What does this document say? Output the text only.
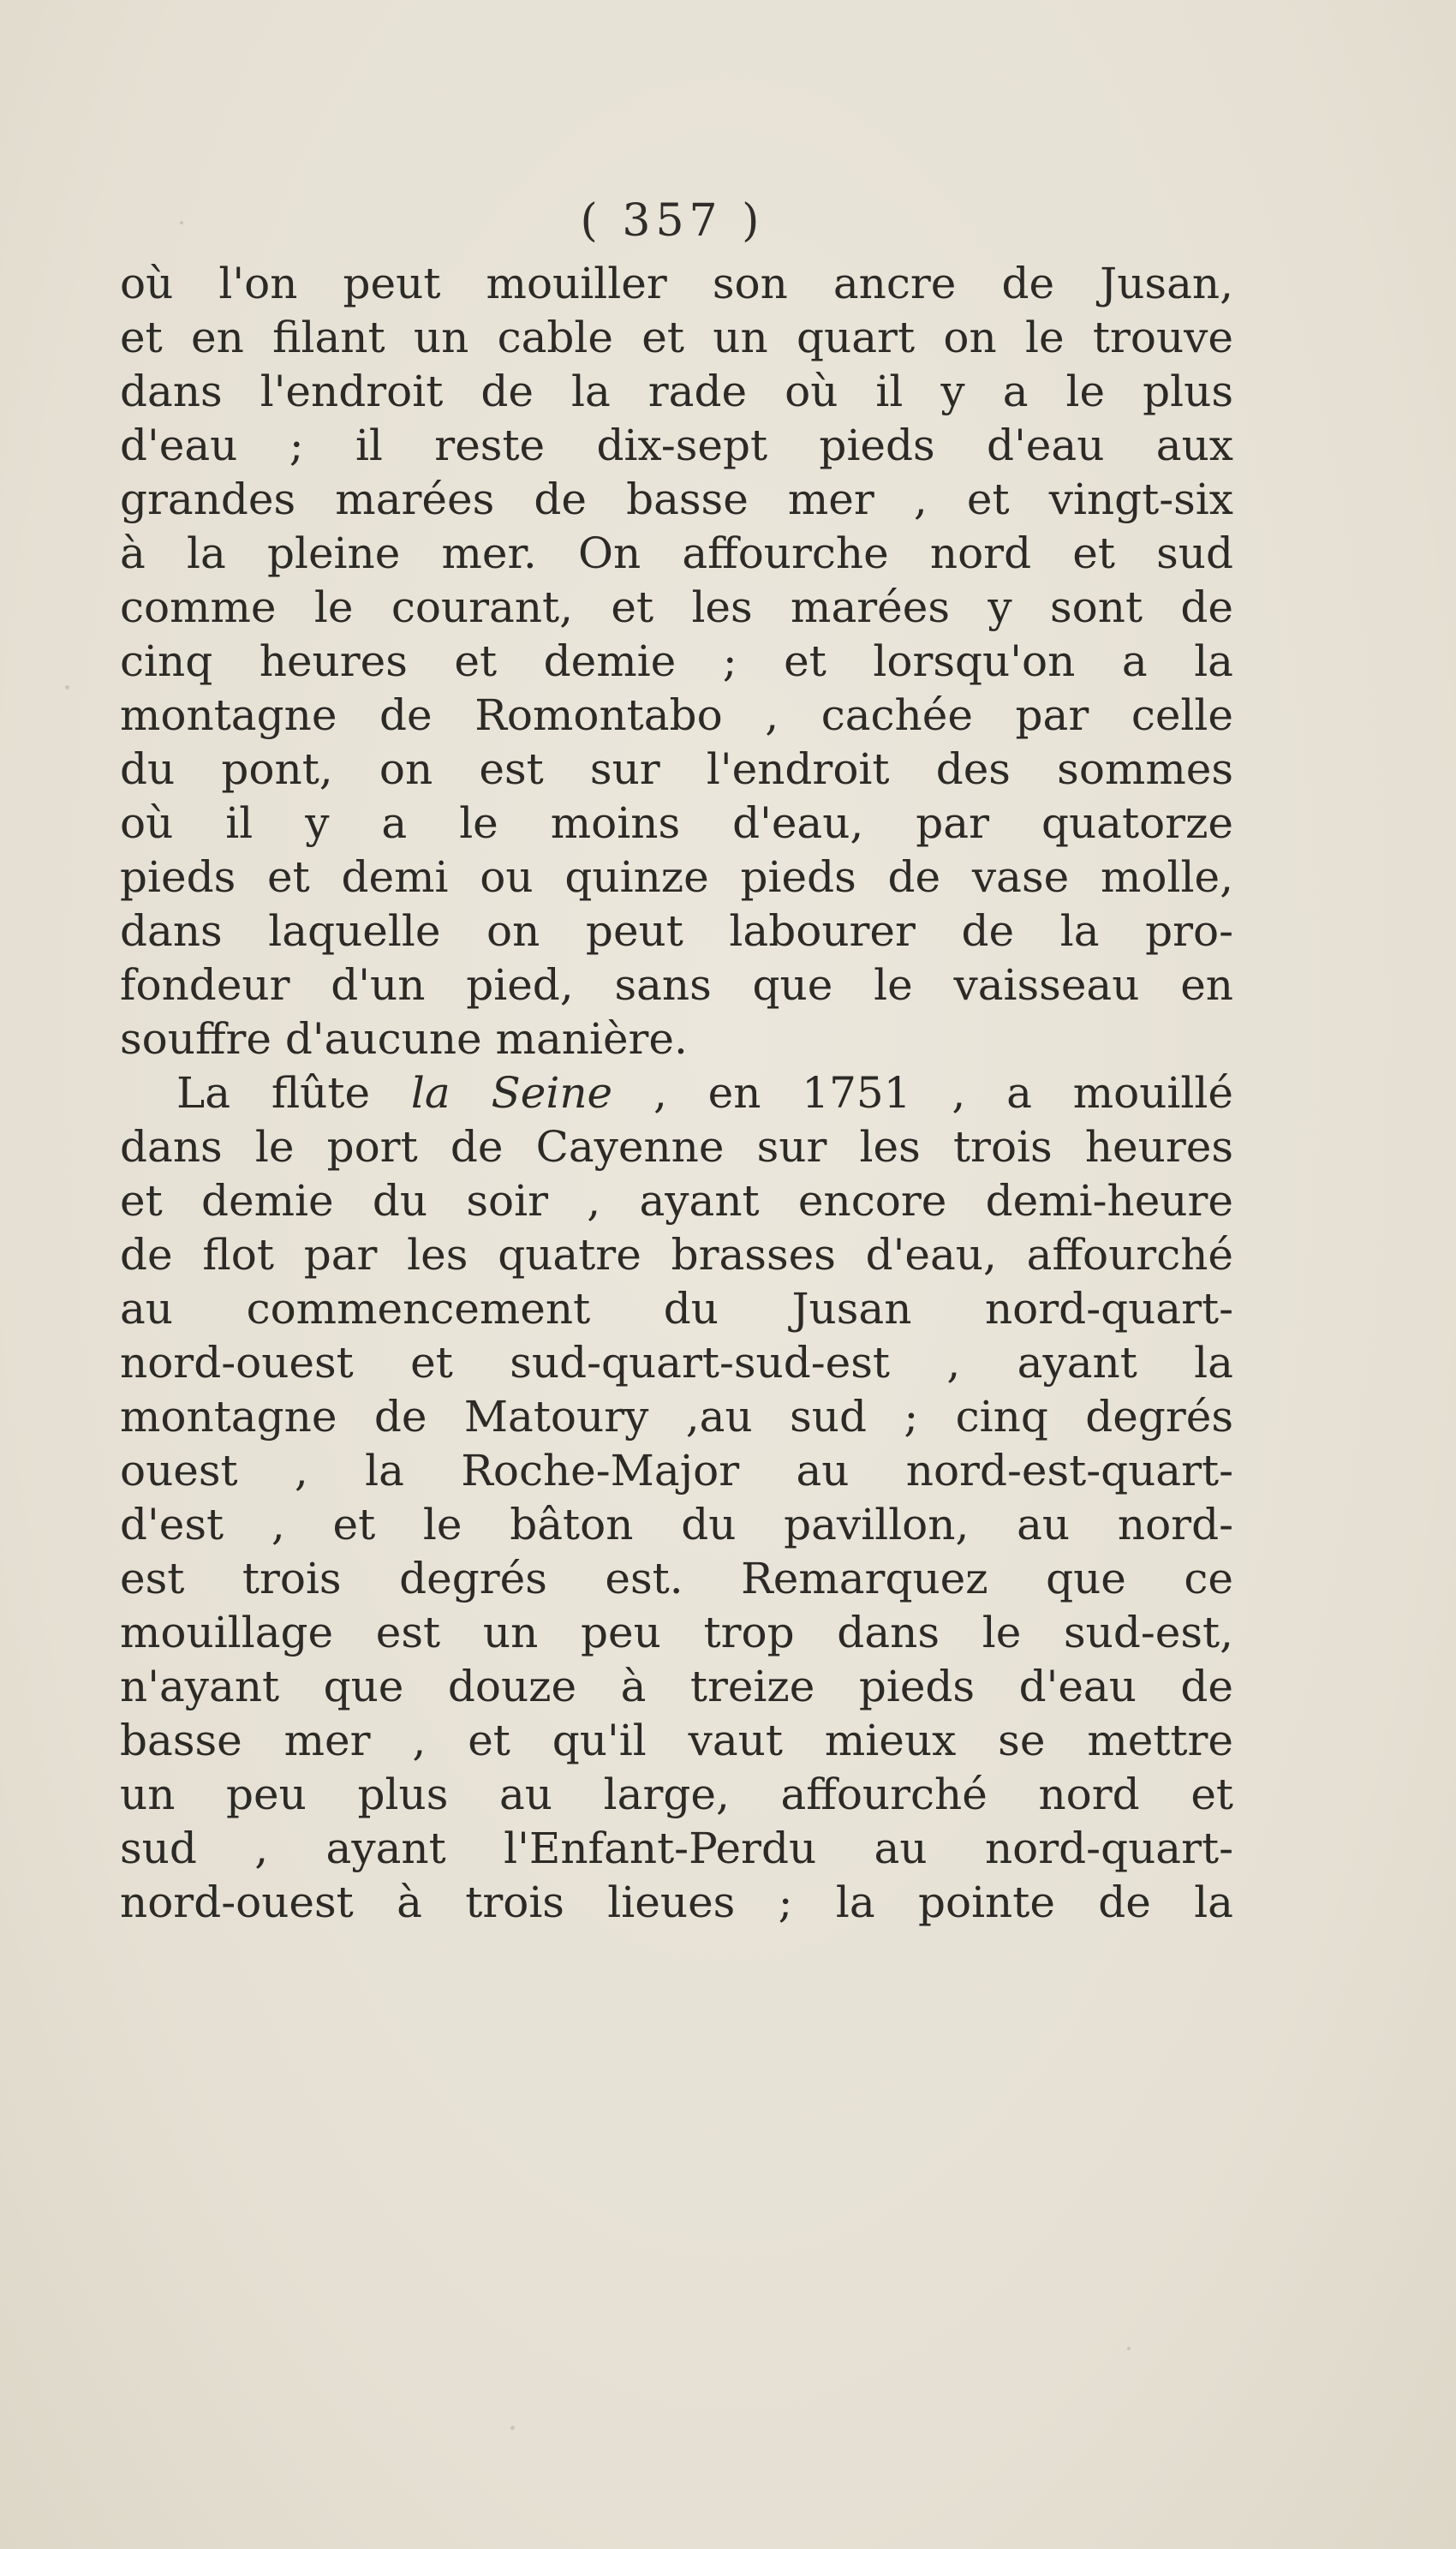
( 357 )
où l'on peut mouiller son ancre de Jusan,
et en filant un cable et un quart on le trouve
dans l'endroit de la rade où il y a le plus
d'eau ; il reste dix-sept pieds d'eau aux
grandes marées de basse mer , et vingt-six
à la pleine mer. On affourche nord et sud
comme le courant, et les marées y sont de
cinq heures et demie ; et lorsqu'on a la
montagne de Romontabo , cachée par celle
du pont, on est sur l'endroit des sommes
où il y a le moins d'eau, par quatorze
pieds et demi ou quinze pieds de vase molle,
dans laquelle on peut labourer de la pro-
fondeur d'un pied, sans que le vaisseau en
souffre d'aucune manière.
La flûte la Seine , en 1751 , a mouillé
dans le port de Cayenne sur les trois heures
et demie du soir , ayant encore demi-heure
de flot par les quatre brasses d'eau, affourché
au commencement du Jusan nord-quart-
nord-ouest et sud-quart-sud-est , ayant la
montagne de Matoury ,au sud ; cinq degrés
ouest , la Roche-Major au nord-est-quart-
d'est , et le bâton du pavillon, au nord-
est trois degrés est. Remarquez que ce
mouillage est un peu trop dans le sud-est,
n'ayant que douze à treize pieds d'eau de
basse mer , et qu'il vaut mieux se mettre
un peu plus au large, affourché nord et
sud , ayant l'Enfant-Perdu au nord-quart-
nord-ouest à trois lieues ; la pointe de la
